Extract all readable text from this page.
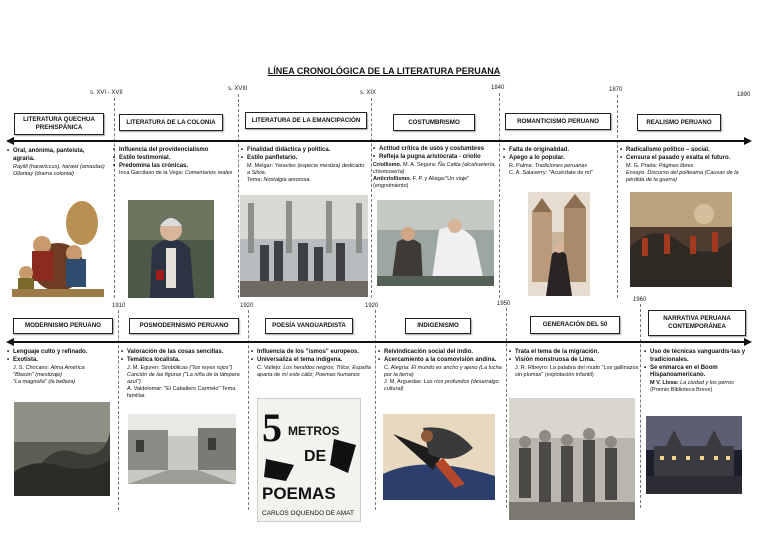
LÍNEA CRONOLÓGICA DE LA LITERATURA PERUANA
s. XVI - XVII
s. XVIII
s. XIX
1840	1870
1890
LITERATURA QUECHUA PREHISPÁNICA
LITERATURA DE LA COLONIA	LITERATURA DE LA EMANCIPACIÓN	COSTUMBRISMO	ROMANTICISMO PERUANO	REALISMO PERUANO
• Oral, anónima, panteísta, agraria.
Rayilli (haraviccus), harawi (amautas)
Ollantay (drama colonial)
• Influencia del providencialismo
• Estilo testimonial.
• Predomina las crónicas.
Inca Garcilaso de la Vega: Comentarios reales
• Finalidad didáctica y política.
• Estilo panfletario.
M. Melgar: Yaravíes (especie mestiza) dedicado a Silvia.
Tema: Nostalgia amorosa.
• Actitud crítica de usos y costumbres
• Refleja la pugna aristócrata - criollo
Criollismo. M. A. Segura: Ña Catita (alcahuetería, chismosería)
Anticriollismo. F. P. y Aliaga:"Un viaje" (engreimiento)
• Falta de originalidad.
• Apego a lo popular.
R. Palma: Tradiciones peruanas
C. A. Salaverry: "Acuérdate de mí"
• Radicalismo político – social.
• Censura el pasado y exalta el futuro.
M. G. Prada: Páginas libres
Ensayo. Discurso del politeama (Causas de la pérdida de la guerra)
1910	1920	1920	1950
1960
MODERNISMO PERUANO	POSMODERNISMO PERUANO	POESÍA VANGUARDISTA	INDIGENISMO	GENERACIÓN DEL 50
NARRATIVA PERUANA CONTEMPORÁNEA
• Lenguaje culto y refinado.
• Exotista.
J. S. Chocano: Alma América
"Blasón" (mestizaje)
"La magnolia" (la belleza)
• Valoración de las cosas sencillas.
• Temática localista.
J. M. Eguren: Simbólicas ("los reyes rojos") Canción de las figuras ("La niña de la lámpara azul")
A. Valdelomar: "El Caballero Carmelo" Tema familiar.
• Influencia de los "ismos" europeos.
• Universaliza el tema indígena.
C. Vallejo: Los heraldos negros; Trilce; España aparta de mí este cáliz; Poemas humanos
• Reivindicación social del indio.
• Acercamiento a la cosmovisión andina.
C. Alegría: El mundo es ancho y ajeno (La lucha por la tierra)
J. M. Arguedas: Los ríos profundos (desarraigo cultural)
• Trata el tema de la migración.
• Visión monstruosa de Lima.
J. R. Ribeyro: La palabra del mudo "Los gallinazos sin plumas" (explotación infantil)
• Uso de técnicas vanguardis-tas y tradicionales.
• Se enmarca en el Boom Hispanoamericano.
M V. Llosa: La ciudad y los perros
(Premio Biblioteca Breve)
5 METROS
DE
POEMAS
CARLOS OQUENDO DE AMAT
